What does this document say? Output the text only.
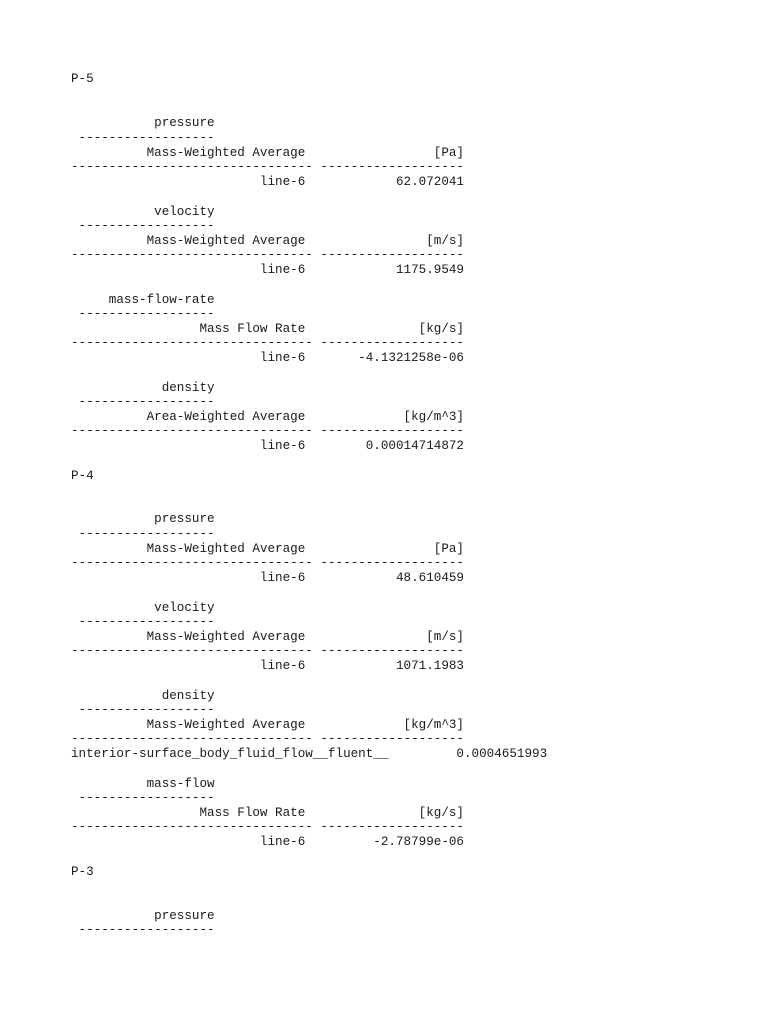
P-5

pressure

------------------

Mass-Weighted Average                 [Pa]

-------------------------------- -------------------

line-6            62.072041

velocity

------------------

Mass-Weighted Average                [m/s]

-------------------------------- -------------------

line-6            1175.9549

mass-flow-rate

------------------

Mass Flow Rate               [kg/s]

-------------------------------- -------------------

line-6       -4.1321258e-06

density

------------------

Area-Weighted Average             [kg/m^3]

-------------------------------- -------------------

line-6        0.00014714872

P-4

pressure

------------------

Mass-Weighted Average                 [Pa]

-------------------------------- -------------------

line-6            48.610459

velocity

------------------

Mass-Weighted Average                [m/s]

-------------------------------- -------------------

line-6            1071.1983

density

------------------

Mass-Weighted Average             [kg/m^3]

-------------------------------- -------------------

interior-surface_body_fluid_flow__fluent__         0.0004651993

mass-flow

------------------

Mass Flow Rate               [kg/s]

-------------------------------- -------------------

line-6         -2.78799e-06

P-3

pressure

------------------
